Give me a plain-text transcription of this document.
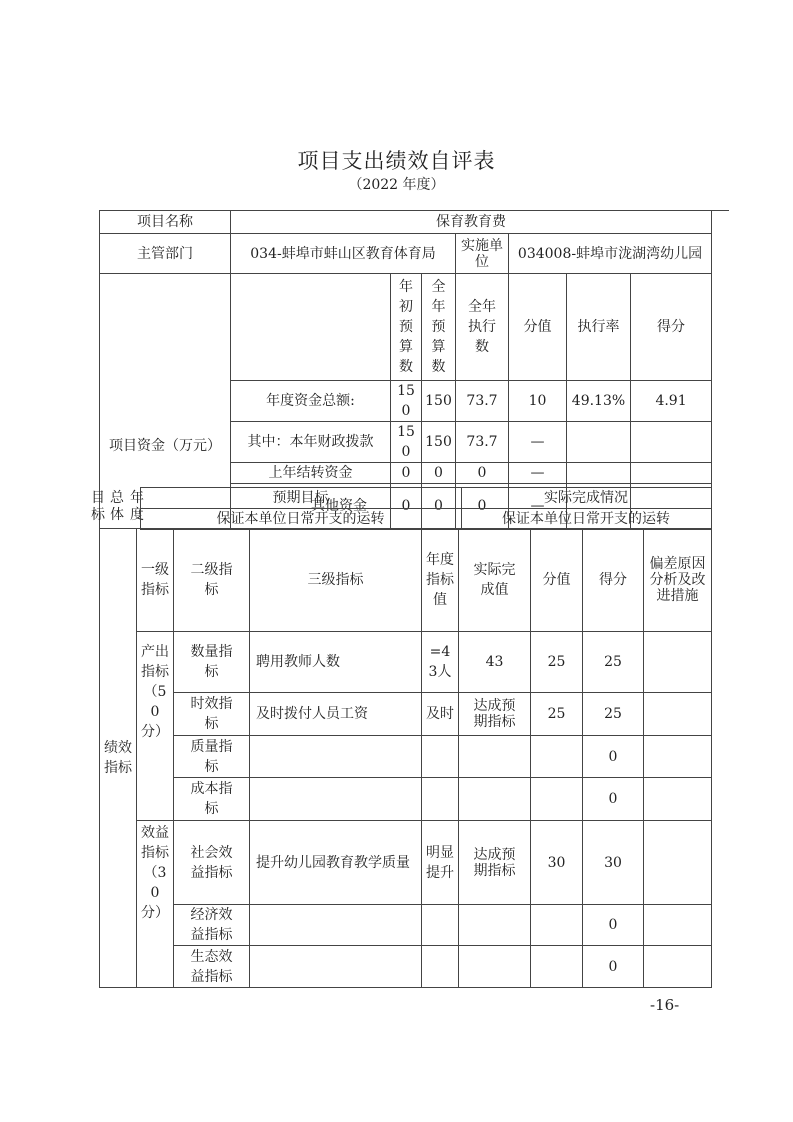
项目支出绩效自评表
（2022 年度）
项目名称	保育教育费						
主管部门	034-蚌埠市蚌山区教育体育局			实施单位	034008-蚌埠市泷湖湾幼儿园		
项目资金（万元）		年初预算数	全年预算数	全年执行数	分值	执行率	得分
	年度资金总额:	150	150	73.7	10	49.13%	4.91
	其中：本年财政拨款	150	150	73.7	—		
	上年结转资金	0	0	0	—		
	其他资金	0	0	0	—		
目标
总体
年度
	预期目标	实际完成情况
	保证本单位日常开支的运转	保证本单位日常开支的运转
绩效指标	一级指标	二级指标	三级指标	年度指标值	实际完成值	分值	得分	偏差原因分析及改进措施
	产出指标（50分）	数量指标	聘用教师人数	=43人	43	25	25	
		时效指标	及时拨付人员工资	及时	达成预期指标	25	25	
		质量指标					0	
		成本指标					0	
	效益指标（30分）	社会效益指标	提升幼儿园教育教学质量	明显提升	达成预期指标	30	30	
		经济效益指标					0	
		生态效益指标					0	
-16-
